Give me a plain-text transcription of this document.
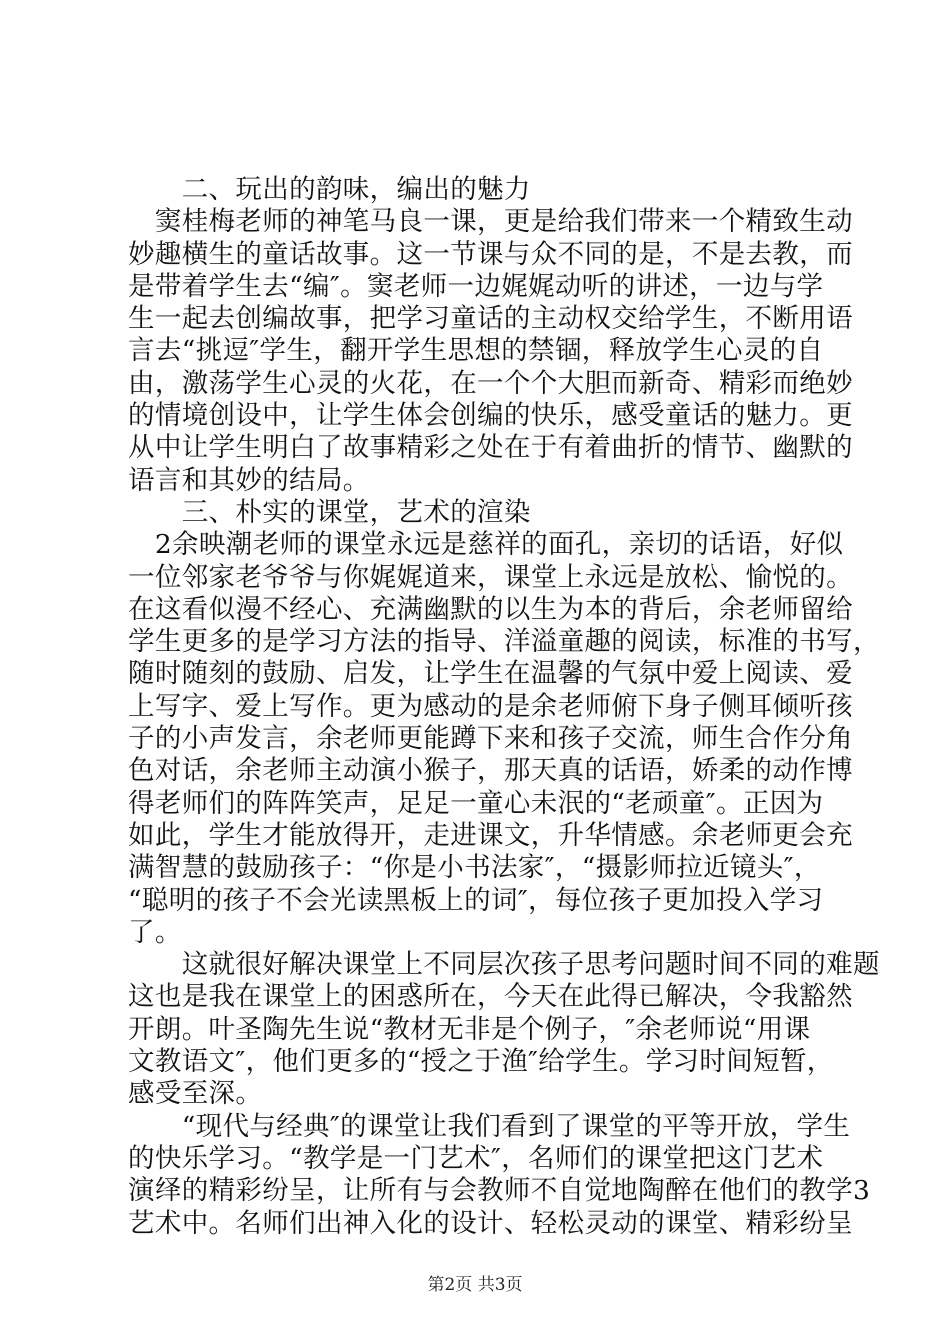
　　二、玩出的韵味，编出的魅力
　窦桂梅老师的神笔马良一课，更是给我们带来一个精致生动
妙趣横生的童话故事。这一节课与众不同的是，不是去教，而
是带着学生去“编″。窦老师一边娓娓动听的讲述，一边与学
生一起去创编故事，把学习童话的主动权交给学生，不断用语
言去“挑逗″学生，翻开学生思想的禁锢，释放学生心灵的自
由，激荡学生心灵的火花，在一个个大胆而新奇、精彩而绝妙
的情境创设中，让学生体会创编的快乐，感受童话的魅力。更
从中让学生明白了故事精彩之处在于有着曲折的情节、幽默的
语言和其妙的结局。
　　三、朴实的课堂，艺术的渲染
　2余映潮老师的课堂永远是慈祥的面孔，亲切的话语，好似
一位邻家老爷爷与你娓娓道来，课堂上永远是放松、愉悦的。
在这看似漫不经心、充满幽默的以生为本的背后，余老师留给
学生更多的是学习方法的指导、洋溢童趣的阅读，标准的书写，
随时随刻的鼓励、启发，让学生在温馨的气氛中爱上阅读、爱
上写字、爱上写作。更为感动的是余老师俯下身子侧耳倾听孩
子的小声发言，余老师更能蹲下来和孩子交流，师生合作分角
色对话，余老师主动演小猴子，那天真的话语，娇柔的动作博
得老师们的阵阵笑声，足足一童心未泯的“老顽童″。正因为
如此，学生才能放得开，走进课文，升华情感。余老师更会充
满智慧的鼓励孩子：“你是小书法家″，“摄影师拉近镜头″，
“聪明的孩子不会光读黑板上的词″，每位孩子更加投入学习
了。
　　这就很好解决课堂上不同层次孩子思考问题时间不同的难题
这也是我在课堂上的困惑所在，今天在此得已解决，令我豁然
开朗。叶圣陶先生说“教材无非是个例子，″余老师说“用课
文教语文″，他们更多的“授之于渔″给学生。学习时间短暂，
感受至深。
　　“现代与经典″的课堂让我们看到了课堂的平等开放，学生
的快乐学习。“教学是一门艺术″，名师们的课堂把这门艺术
演绎的精彩纷呈，让所有与会教师不自觉地陶醉在他们的教学3
艺术中。名师们出神入化的设计、轻松灵动的课堂、精彩纷呈
第2页 共3页
